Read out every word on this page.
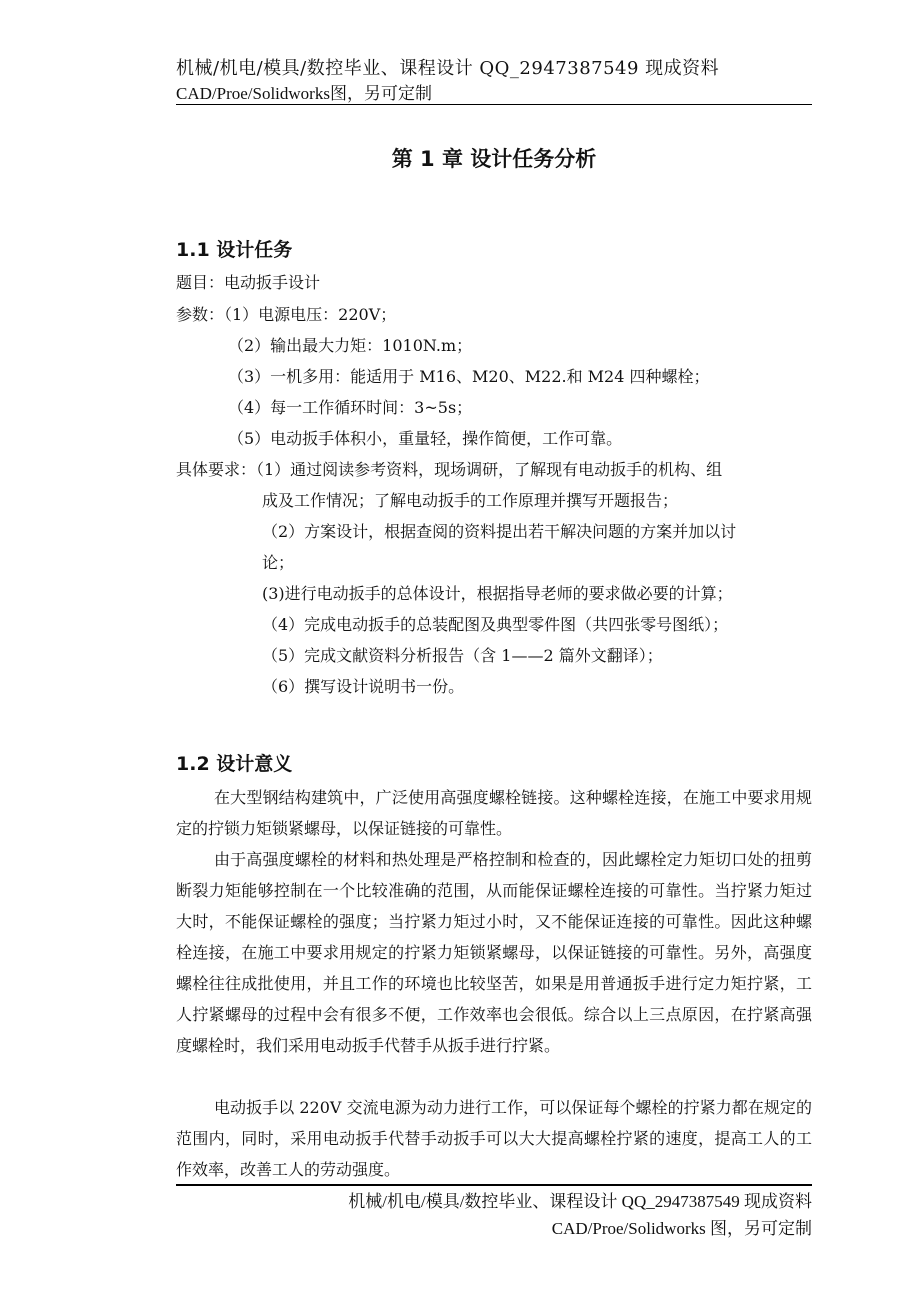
机械/机电/模具/数控毕业、课程设计 QQ_2947387549 现成资料
CAD/Proe/Solidworks图，另可定制
第 1 章 设计任务分析
1.1 设计任务
题目：电动扳手设计
参数：（1）电源电压：220V；
（2）输出最大力矩：1010N.m；
（3）一机多用：能适用于 M16、M20、M22.和 M24 四种螺栓；
（4）每一工作循环时间：3~5s；
（5）电动扳手体积小，重量轻，操作简便，工作可靠。
具体要求：（1）通过阅读参考资料，现场调研，了解现有电动扳手的机构、组
成及工作情况；了解电动扳手的工作原理并撰写开题报告；
（2）方案设计，根据查阅的资料提出若干解决问题的方案并加以讨
论；
(3)进行电动扳手的总体设计，根据指导老师的要求做必要的计算；
（4）完成电动扳手的总装配图及典型零件图（共四张零号图纸）；
（5）完成文献资料分析报告（含 1——2 篇外文翻译）；
（6）撰写设计说明书一份。
1.2 设计意义
在大型钢结构建筑中，广泛使用高强度螺栓链接。这种螺栓连接，在施工中要求用规定的拧锁力矩锁紧螺母，以保证链接的可靠性。
由于高强度螺栓的材料和热处理是严格控制和检查的，因此螺栓定力矩切口处的扭剪断裂力矩能够控制在一个比较准确的范围，从而能保证螺栓连接的可靠性。当拧紧力矩过大时，不能保证螺栓的强度；当拧紧力矩过小时，又不能保证连接的可靠性。因此这种螺栓连接，在施工中要求用规定的拧紧力矩锁紧螺母，以保证链接的可靠性。另外，高强度螺栓往往成批使用，并且工作的环境也比较坚苦，如果是用普通扳手进行定力矩拧紧，工人拧紧螺母的过程中会有很多不便，工作效率也会很低。综合以上三点原因，在拧紧高强度螺栓时，我们采用电动扳手代替手从扳手进行拧紧。
电动扳手以 220V 交流电源为动力进行工作，可以保证每个螺栓的拧紧力都在规定的范围内，同时，采用电动扳手代替手动扳手可以大大提高螺栓拧紧的速度，提高工人的工作效率，改善工人的劳动强度。
机械/机电/模具/数控毕业、课程设计 QQ_2947387549 现成资料
CAD/Proe/Solidworks 图，另可定制
